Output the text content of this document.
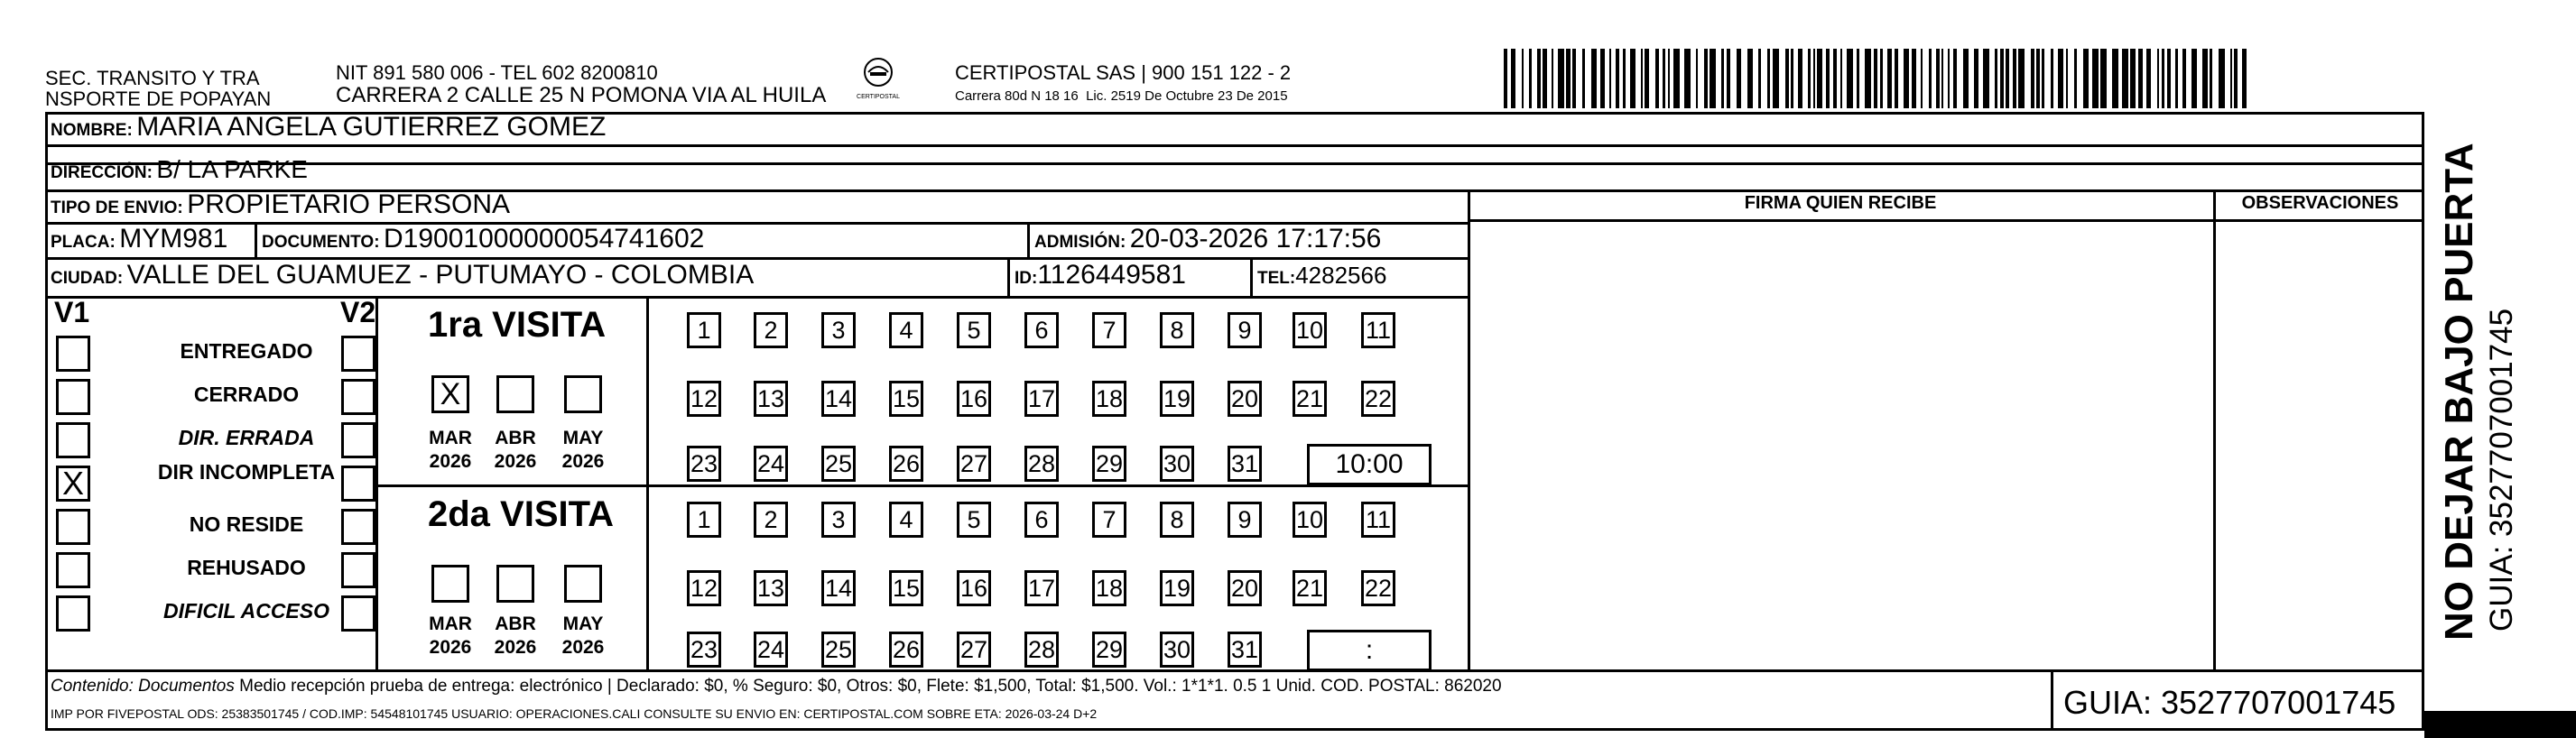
SEC. TRANSITO Y TRA
NSPORTE DE POPAYAN
NIT 891 580 006 - TEL 602 8200810
CARRERA 2 CALLE 25 N POMONA VIA AL HUILA	CERTIPOSTAL
CERTIPOSTAL SAS | 900 151 122 - 2
Carrera 80d N 18 16  Lic. 2519 De Octubre 23 De 2015
NOMBRE: MARIA ANGELA GUTIERREZ GOMEZ
DIRECCIÓN: B/ LA PARKE
TIPO DE ENVIO: PROPIETARIO PERSONA
PLACA: MYM981 DOCUMENTO: D19001000000054741602	ADMISIÓN: 20-03-2026 17:17:56
CIUDAD: VALLE DEL GUAMUEZ - PUTUMAYO - COLOMBIA	ID:1126449581	TEL:4282566
FIRMA QUIEN RECIBE	OBSERVACIONES
V1	V2
ENTREGADO
CERRADO
DIR. ERRADA
X	DIR INCOMPLETA
NO RESIDE
REHUSADO
DIFICIL ACCESO
1ra VISITA
2da VISITA
X
MAR
2026
ABR
2026
MAY
2026
1	2	3	4	5	6	7	8	9	10 11
12 13 14 15 16 17 18 19 20 21 22
23 24 25 26 27 28 29 30 31	10:00
MAR
2026
ABR
2026
MAY
2026
1	2	3	4	5	6	7	8	9	10 11
12 13 14 15 16 17 18 19 20 21 22
23 24 25 26 27 28 29 30 31	:
NO DEJAR BAJO PUERTA GUIA: 3527707001745
Contenido: Documentos Medio recepción prueba de entrega: electrónico | Declarado: $0, % Seguro: $0, Otros: $0, Flete: $1,500, Total: $1,500. Vol.: 1*1*1. 0.5 1 Unid. COD. POSTAL: 862020
IMP POR FIVEPOSTAL ODS: 25383501745 / COD.IMP: 54548101745 USUARIO: OPERACIONES.CALI CONSULTE SU ENVIO EN: CERTIPOSTAL.COM SOBRE ETA: 2026-03-24 D+2	GUIA: 3527707001745
